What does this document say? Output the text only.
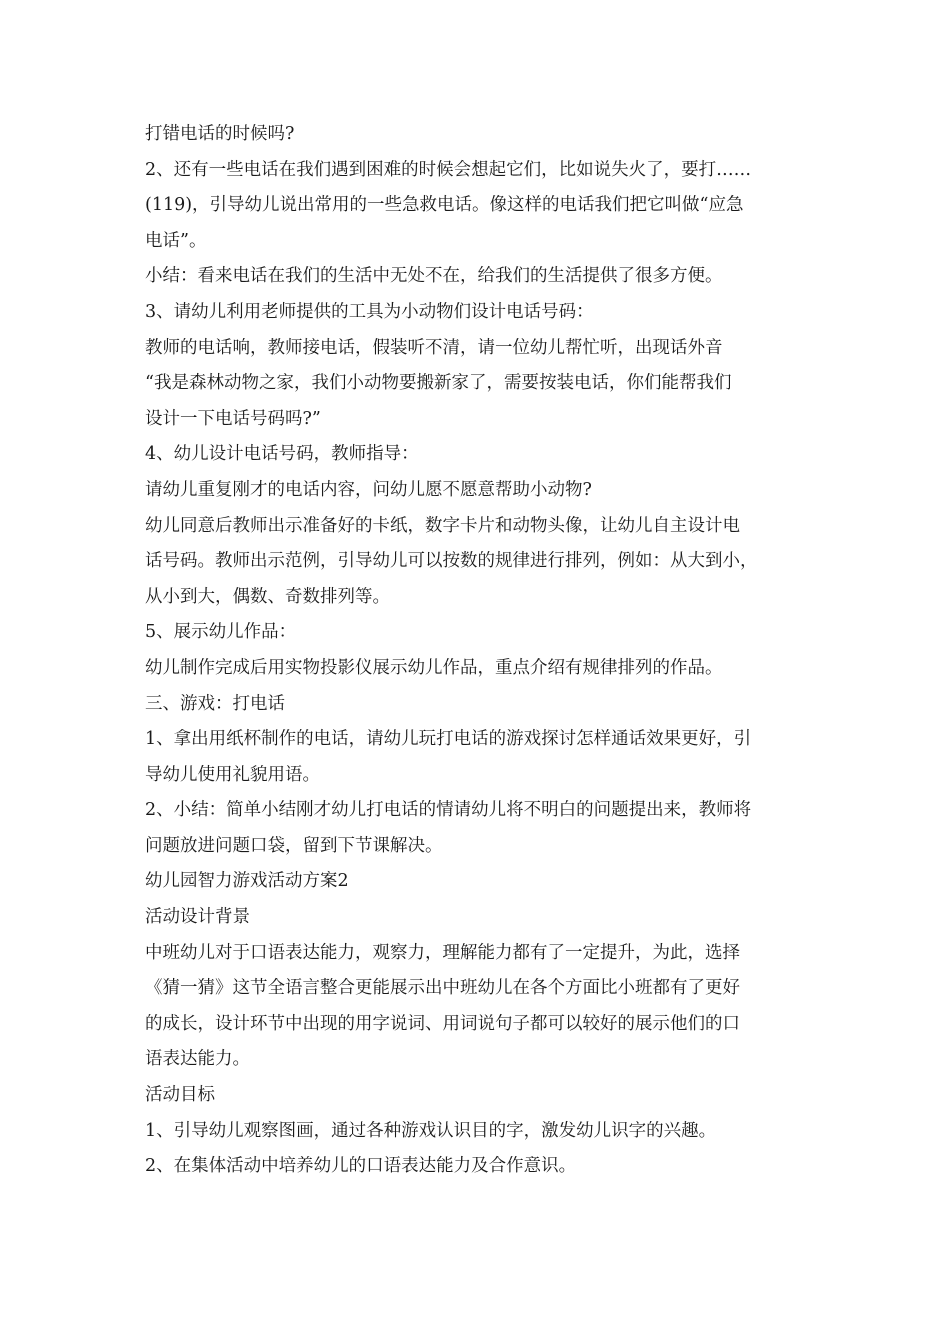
打错电话的时候吗?
2、还有一些电话在我们遇到困难的时候会想起它们，比如说失火了，要打……
(119)，引导幼儿说出常用的一些急救电话。像这样的电话我们把它叫做“应急
电话”。
小结：看来电话在我们的生活中无处不在，给我们的生活提供了很多方便。
3、请幼儿利用老师提供的工具为小动物们设计电话号码：
教师的电话响，教师接电话，假装听不清，请一位幼儿帮忙听，出现话外音
“我是森林动物之家，我们小动物要搬新家了，需要按装电话，你们能帮我们
设计一下电话号码吗?”
4、幼儿设计电话号码，教师指导：
请幼儿重复刚才的电话内容，问幼儿愿不愿意帮助小动物?
幼儿同意后教师出示准备好的卡纸，数字卡片和动物头像，让幼儿自主设计电
话号码。教师出示范例，引导幼儿可以按数的规律进行排列，例如：从大到小，
从小到大，偶数、奇数排列等。
5、展示幼儿作品：
幼儿制作完成后用实物投影仪展示幼儿作品，重点介绍有规律排列的作品。
三、游戏：打电话
1、拿出用纸杯制作的电话，请幼儿玩打电话的游戏探讨怎样通话效果更好，引
导幼儿使用礼貌用语。
2、小结：简单小结刚才幼儿打电话的情请幼儿将不明白的问题提出来，教师将
问题放进问题口袋，留到下节课解决。
幼儿园智力游戏活动方案2
活动设计背景
中班幼儿对于口语表达能力，观察力，理解能力都有了一定提升，为此，选择
《猜一猜》这节全语言整合更能展示出中班幼儿在各个方面比小班都有了更好
的成长，设计环节中出现的用字说词、用词说句子都可以较好的展示他们的口
语表达能力。
活动目标
1、引导幼儿观察图画，通过各种游戏认识目的字，激发幼儿识字的兴趣。
2、在集体活动中培养幼儿的口语表达能力及合作意识。
